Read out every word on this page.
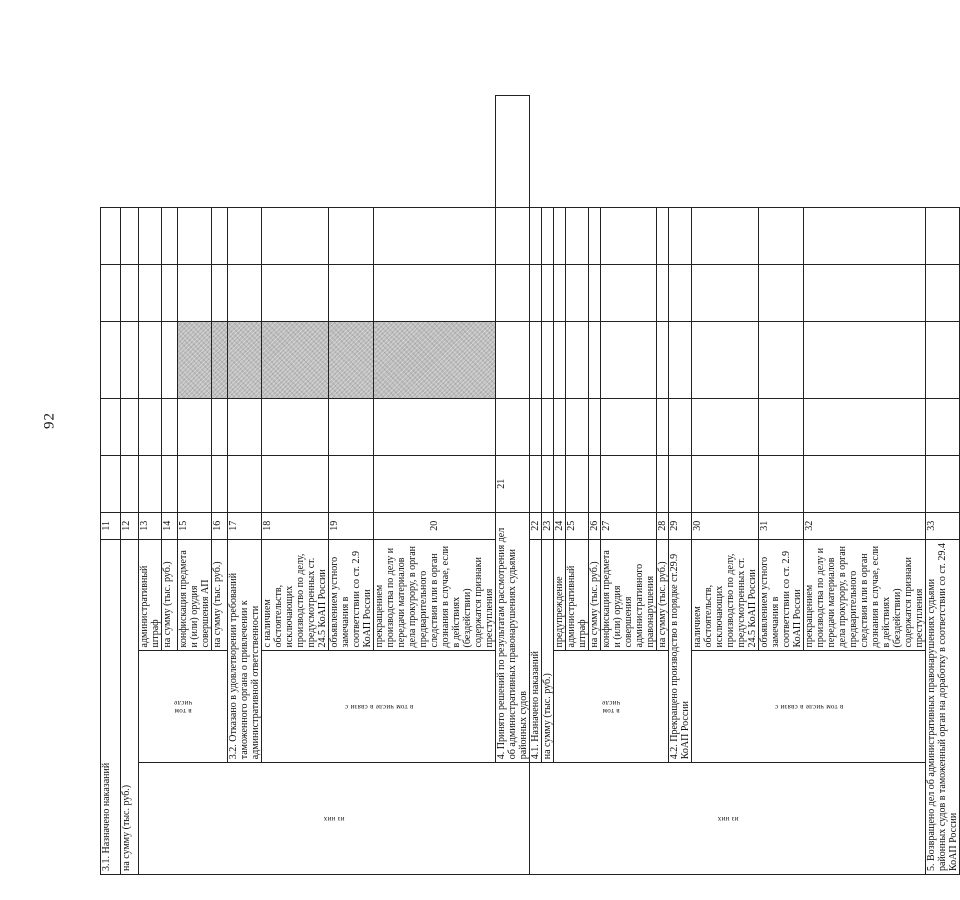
92
3.1. Назначено наказаний			11						
на сумму (тыс. руб.)			12						

из них	в том
числе	административный штраф	13						
		на сумму (тыс. руб.)	14						
		конфискация предмета и (или) орудия совершения АП	15						
		на сумму (тыс. руб.)	16						
	3.2. Отказано в удовлетворении требований таможенного органа о привлечении к административной ответственности		17						

	в том числе в связи с	с наличием обстоятельств, исключающих производство по делу, предусмотренных ст. 24.5 КоАП России	18						
		объявлением устного замечания в соответствии со ст. 2.9 КоАП России	19						
		прекращением производства по делу и передачи материалов дела прокурору, в орган предварительного следствия или в орган дознания в случае, если в действиях (бездействии) содержатся признаки преступления	20						
	4. Принято решений по результатам рассмотрения дел об административных правонарушениях судьями районных судов			21					

из них	4.1. Назначено наказаний		22						
	на сумму (тыс. руб.)		23						

	в том
числе	предупреждение	24						
		административный штраф	25						
		на сумму (тыс. руб.)	26						
		конфискация предмета и (или) орудия совершения административного правонарушения	27						
		на сумму (тыс. руб.)	28						
	4.2. Прекращено производство в порядке ст.29.9 КоАП России		29						

	в том числе в связи с	наличием обстоятельств, исключающих производство по делу, предусмотренных ст. 24.5 КоАП России	30						
		объявлением устного замечания в соответствии со ст. 2.9 КоАП России	31						
		прекращением производства по делу и передачи материалов дела прокурору, в орган предварительного следствия или в орган дознания в случае, если в действиях (бездействии) содержатся признаки преступления	32						
5. Возвращено дел об административных правонарушениях судьями районных судов в таможенный орган на доработку в соответствии со ст. 29.4 КоАП России			33						
